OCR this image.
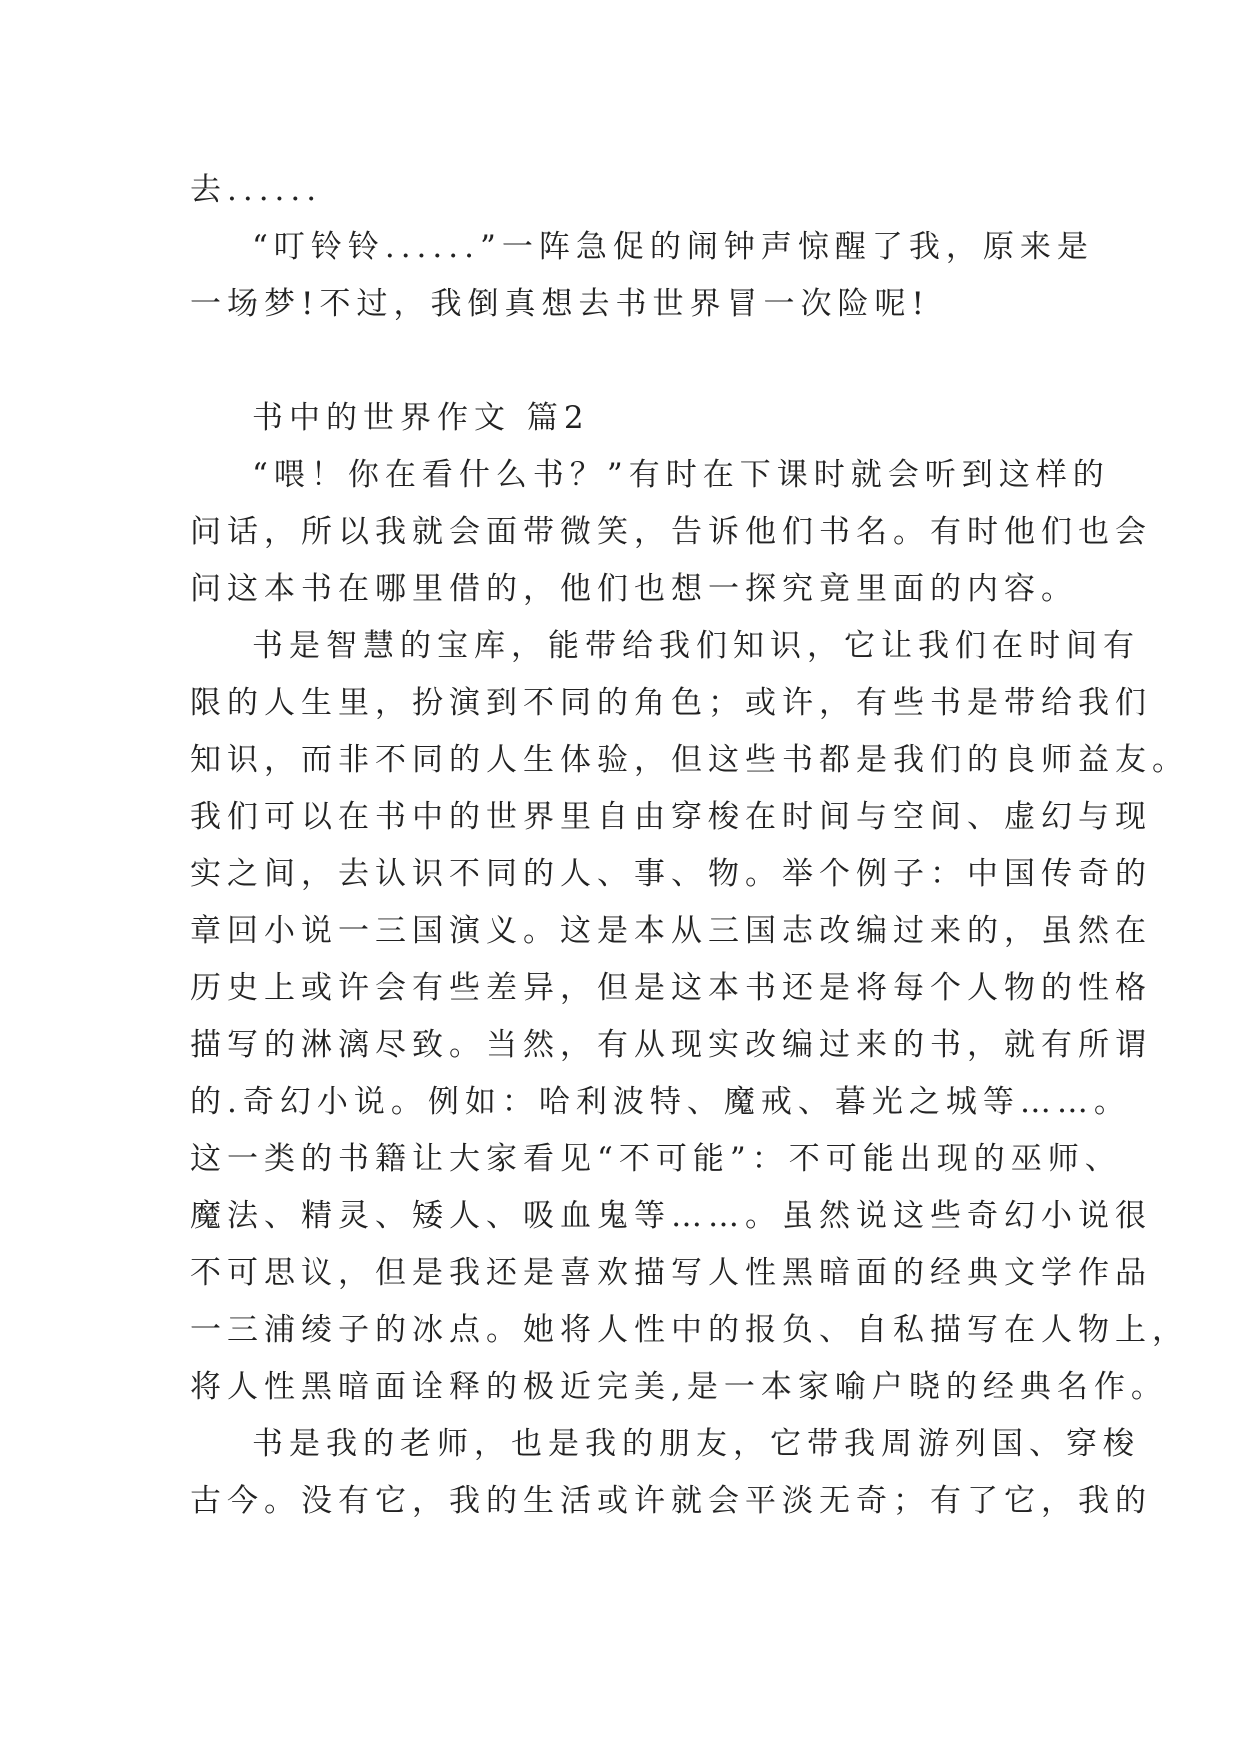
去......
“叮铃铃......”一阵急促的闹钟声惊醒了我，原来是
一场梦!不过，我倒真想去书世界冒一次险呢!
书中的世界作文 篇2
“喂！你在看什么书？”有时在下课时就会听到这样的
问话，所以我就会面带微笑，告诉他们书名。有时他们也会
问这本书在哪里借的，他们也想一探究竟里面的内容。
书是智慧的宝库，能带给我们知识，它让我们在时间有
限的人生里，扮演到不同的角色；或许，有些书是带给我们
知识，而非不同的人生体验，但这些书都是我们的良师益友。
我们可以在书中的世界里自由穿梭在时间与空间、虚幻与现
实之间，去认识不同的人、事、物。举个例子：中国传奇的
章回小说一三国演义。这是本从三国志改编过来的，虽然在
历史上或许会有些差异，但是这本书还是将每个人物的性格
描写的淋漓尽致。当然，有从现实改编过来的书，就有所谓
的.奇幻小说。例如：哈利波特、魔戒、暮光之城等……。
这一类的书籍让大家看见“不可能”：不可能出现的巫师、
魔法、精灵、矮人、吸血鬼等……。虽然说这些奇幻小说很
不可思议，但是我还是喜欢描写人性黑暗面的经典文学作品
一三浦绫子的冰点。她将人性中的报负、自私描写在人物上，
将人性黑暗面诠释的极近完美,是一本家喻户晓的经典名作。
书是我的老师，也是我的朋友，它带我周游列国、穿梭
古今。没有它，我的生活或许就会平淡无奇；有了它，我的
